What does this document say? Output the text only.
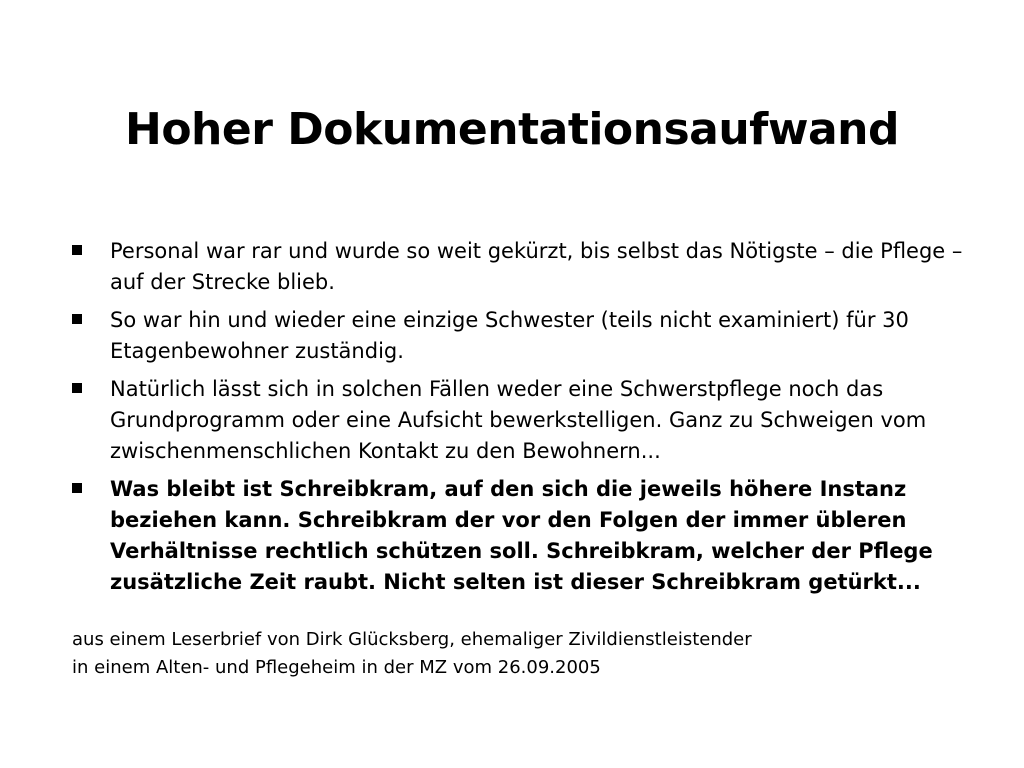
Hoher Dokumentationsaufwand
Personal war rar und wurde so weit gekürzt, bis selbst das Nötigste – die Pflege – auf der Strecke blieb.
So war hin und wieder eine einzige Schwester (teils nicht examiniert) für 30 Etagenbewohner zuständig.
Natürlich lässt sich in solchen Fällen weder eine Schwerstpflege noch das Grundprogramm oder eine Aufsicht bewerkstelligen. Ganz zu Schweigen vom zwischenmenschlichen Kontakt zu den Bewohnern...
Was bleibt ist Schreibkram, auf den sich die jeweils höhere Instanz beziehen kann. Schreibkram der vor den Folgen der immer übleren Verhältnisse rechtlich schützen soll. Schreibkram, welcher der Pflege zusätzliche Zeit raubt. Nicht selten ist dieser Schreibkram getürkt...
aus einem Leserbrief von Dirk Glücksberg, ehemaliger Zivildienstleistender
in einem Alten- und Pflegeheim in der MZ vom 26.09.2005
